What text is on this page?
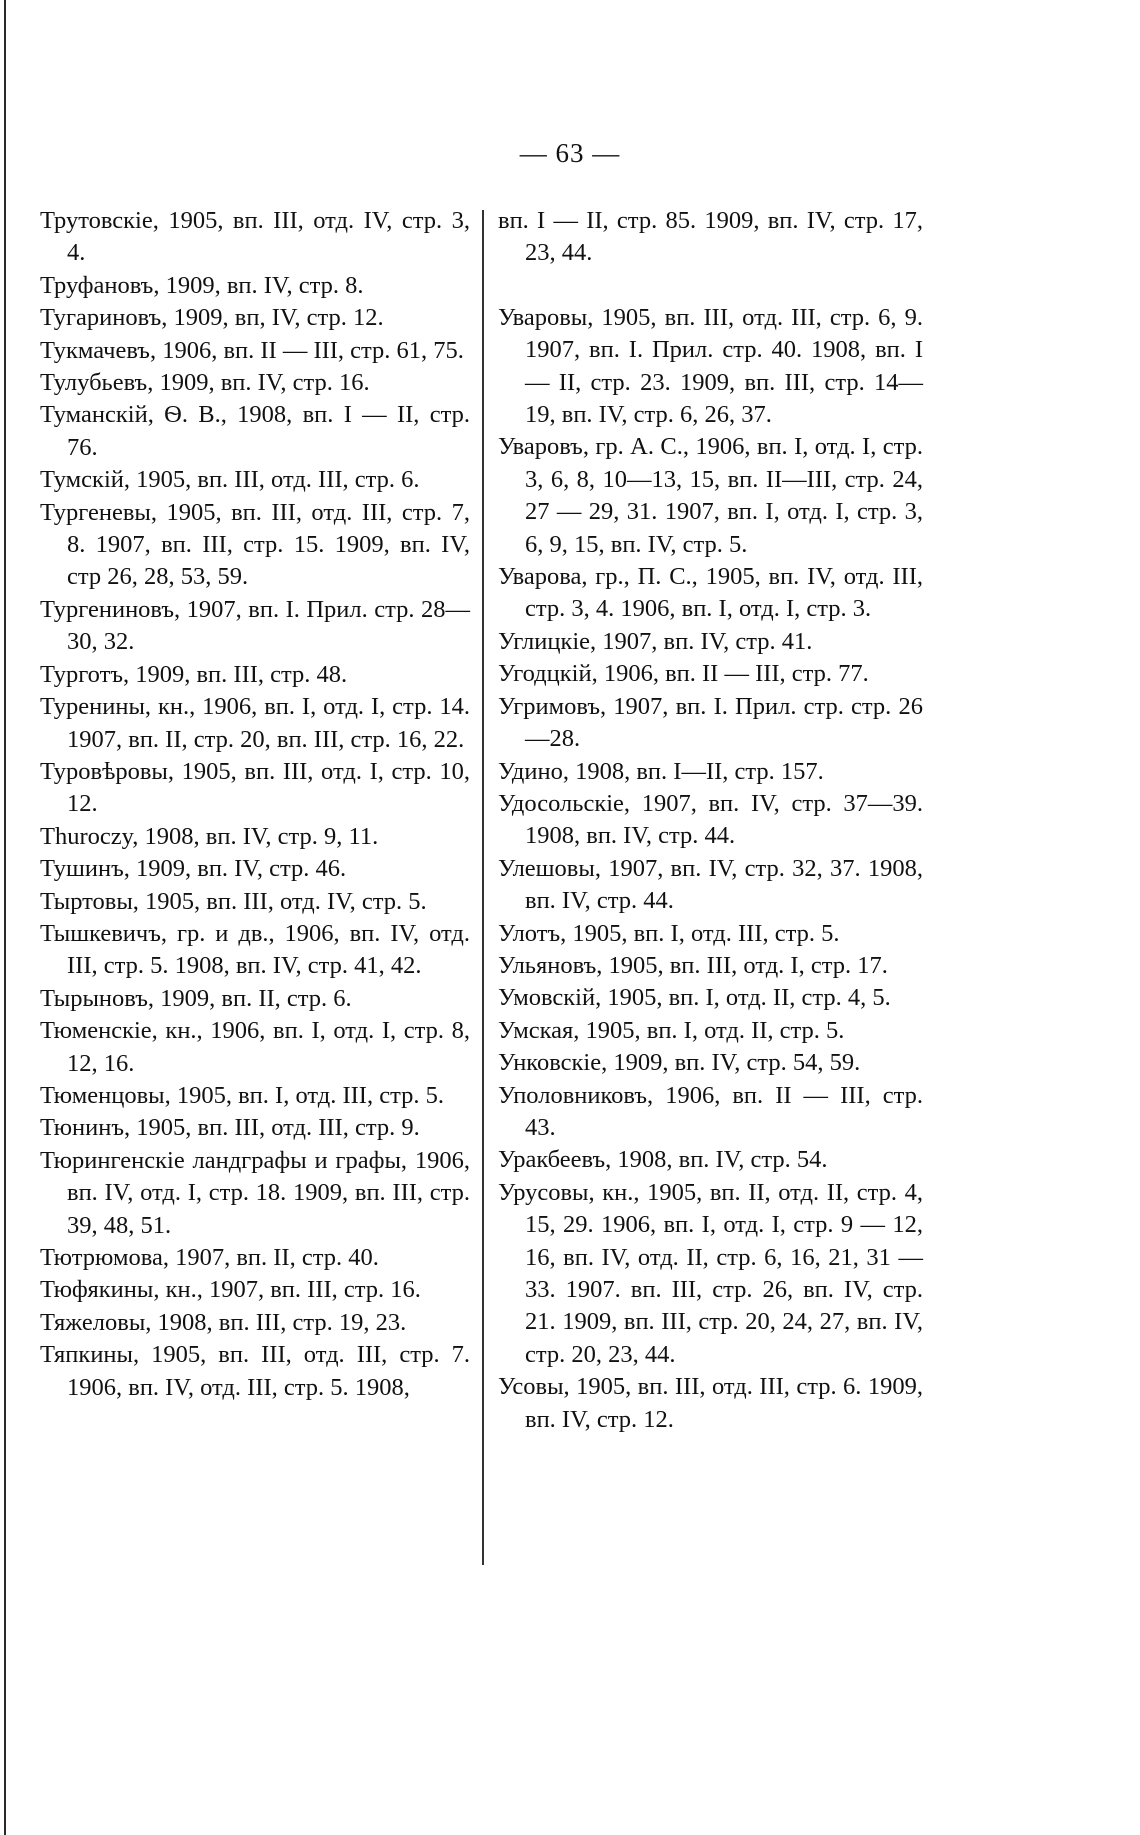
— 63 —

Трутовскiе, 1905, вп. III, отд. IV, стр. 3, 4.

Труфановъ, 1909, вп. IV, стр. 8.

Тугариновъ, 1909, вп, IV, стр. 12.

Тукмачевъ, 1906, вп. II — III, стр. 61, 75.

Тулубьевъ, 1909, вп. IV, стр. 16.

Туманскiй, Ѳ. В., 1908, вп. I — II, стр. 76.

Тумскiй, 1905, вп. III, отд. III, стр. 6.

Тургеневы, 1905, вп. III, отд. III, стр. 7, 8. 1907, вп. III, стр. 15. 1909, вп. IV, стр 26, 28, 53, 59.

Тургениновъ, 1907, вп. I. Прил. стр. 28—30, 32.

Турготъ, 1909, вп. III, стр. 48.

Туренины, кн., 1906, вп. I, отд. I, стр. 14. 1907, вп. II, стр. 20, вп. III, стр. 16, 22.

Туровѣровы, 1905, вп. III, отд. I, стр. 10, 12.

Thuroczy, 1908, вп. IV, стр. 9, 11.

Тушинъ, 1909, вп. IV, стр. 46.

Тыртовы, 1905, вп. III, отд. IV, стр. 5.

Тышкевичъ, гр. и дв., 1906, вп. IV, отд. III, стр. 5. 1908, вп. IV, стр. 41, 42.

Тырыновъ, 1909, вп. II, стр. 6.

Тюменскiе, кн., 1906, вп. I, отд. I, стр. 8, 12, 16.

Тюменцовы, 1905, вп. I, отд. III, стр. 5.

Тюнинъ, 1905, вп. III, отд. III, стр. 9.

Тюрингенскiе ландграфы и графы, 1906, вп. IV, отд. I, стр. 18. 1909, вп. III, стр. 39, 48, 51.

Тютрюмова, 1907, вп. II, стр. 40.

Тюфякины, кн., 1907, вп. III, стр. 16.

Тяжеловы, 1908, вп. III, стр. 19, 23.

Тяпкины, 1905, вп. III, отд. III, стр. 7. 1906, вп. IV, отд. III, стр. 5. 1908,

вп. I — II, стр. 85. 1909, вп. IV, стр. 17, 23, 44.

Уваровы, 1905, вп. III, отд. III, стр. 6, 9. 1907, вп. I. Прил. стр. 40. 1908, вп. I — II, стр. 23. 1909, вп. III, стр. 14—19, вп. IV, стр. 6, 26, 37.

Уваровъ, гр. А. С., 1906, вп. I, отд. I, стр. 3, 6, 8, 10—13, 15, вп. II—III, стр. 24, 27 — 29, 31. 1907, вп. I, отд. I, стр. 3, 6, 9, 15, вп. IV, стр. 5.

Уварова, гр., П. С., 1905, вп. IV, отд. III, стр. 3, 4. 1906, вп. I, отд. I, стр. 3.

Углицкiе, 1907, вп. IV, стр. 41.

Угодцкiй, 1906, вп. II — III, стр. 77.

Угримовъ, 1907, вп. I. Прил. стр. стр. 26—28.

Удино, 1908, вп. I—II, стр. 157.

Удосольскiе, 1907, вп. IV, стр. 37—39. 1908, вп. IV, стр. 44.

Улешовы, 1907, вп. IV, стр. 32, 37. 1908, вп. IV, стр. 44.

Улотъ, 1905, вп. I, отд. III, стр. 5.

Ульяновъ, 1905, вп. III, отд. I, стр. 17.

Умовскiй, 1905, вп. I, отд. II, стр. 4, 5.

Умская, 1905, вп. I, отд. II, стр. 5.

Унковскiе, 1909, вп. IV, стр. 54, 59.

Уполовниковъ, 1906, вп. II — III, стр. 43.

Уракбеевъ, 1908, вп. IV, стр. 54.

Урусовы, кн., 1905, вп. II, отд. II, стр. 4, 15, 29. 1906, вп. I, отд. I, стр. 9 — 12, 16, вп. IV, отд. II, стр. 6, 16, 21, 31 — 33. 1907. вп. III, стр. 26, вп. IV, стр. 21. 1909, вп. III, стр. 20, 24, 27, вп. IV, стр. 20, 23, 44.

Усовы, 1905, вп. III, отд. III, стр. 6. 1909, вп. IV, стр. 12.
